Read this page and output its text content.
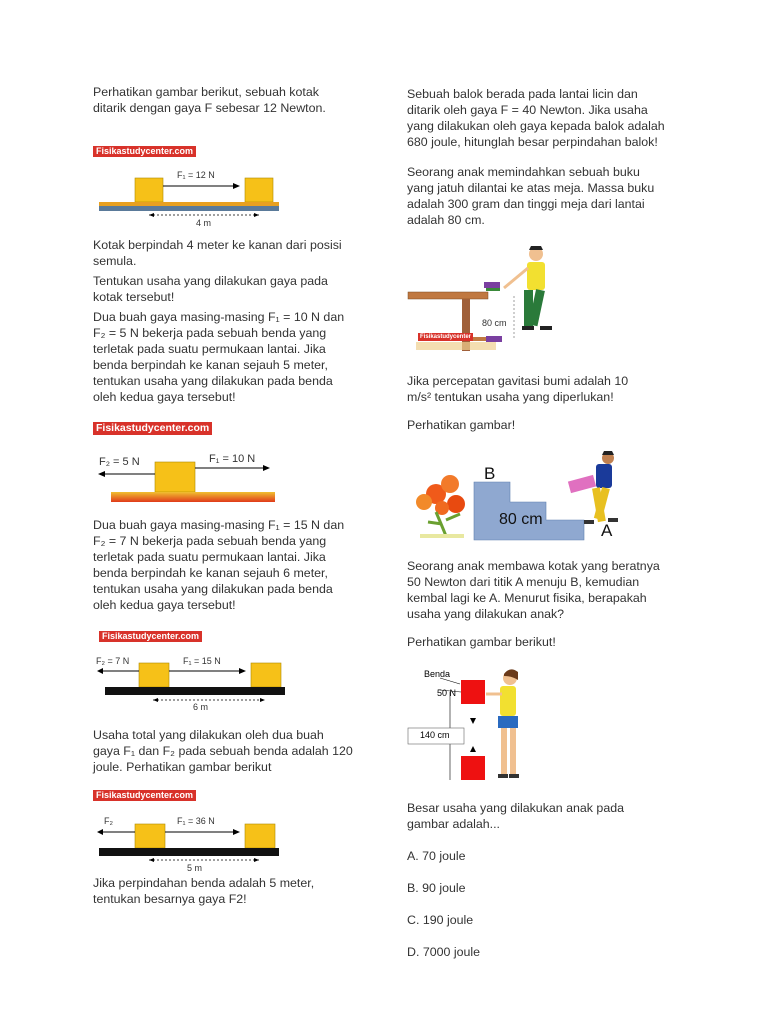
Perhatikan gambar berikut, sebuah kotak
ditarik dengan gaya F sebesar 12 Newton.

Fisikastudycenter.com
F₁ = 12 N
4 m

Kotak berpindah 4 meter ke kanan dari posisi
semula.

Tentukan usaha yang dilakukan gaya pada
kotak tersebut!

Dua buah gaya masing-masing F₁ = 10 N dan
F₂ = 5 N bekerja pada sebuah benda yang
terletak pada suatu permukaan lantai. Jika
benda berpindah ke kanan sejauh 5 meter,
tentukan usaha yang dilakukan pada benda
oleh kedua gaya tersebut!

Fisikastudycenter.com
F₂ = 5 N	F₁ = 10 N

Dua buah gaya masing-masing F₁ = 15 N dan
F₂ = 7 N bekerja pada sebuah benda yang
terletak pada suatu permukaan lantai. Jika
benda berpindah ke kanan sejauh 6 meter,
tentukan usaha yang dilakukan pada benda
oleh kedua gaya tersebut!

Fisikastudycenter.com
F₂ = 7 N	F₁ = 15 N
6 m

Usaha total yang dilakukan oleh dua buah
gaya F₁ dan F₂ pada sebuah benda adalah 120
joule. Perhatikan gambar berikut

Fisikastudycenter.com
F₂	F₁ = 36 N
5 m

Jika perpindahan benda adalah 5 meter,
tentukan besarnya gaya F2!

Sebuah balok berada pada lantai licin dan
ditarik oleh gaya F = 40 Newton. Jika usaha
yang dilakukan oleh gaya kepada balok adalah
680 joule, hitunglah besar perpindahan balok!

Seorang anak memindahkan sebuah buku
yang jatuh dilantai ke atas meja. Massa buku
adalah 300 gram dan tinggi meja dari lantai
adalah 80 cm.

80 cm
Fisikastudycenter

Jika percepatan gavitasi bumi adalah 10
m/s² tentukan usaha yang diperlukan!

Perhatikan gambar!

B
80 cm
A

Seorang anak membawa kotak yang beratnya
50 Newton dari titik A menuju B, kemudian
kembal lagi ke A. Menurut fisika, berapakah
usaha yang dilakukan anak?

Perhatikan gambar berikut!

Benda
50 N
140 cm

Besar usaha yang dilakukan anak pada
gambar adalah...

A. 70 joule

B. 90 joule

C. 190 joule

D. 7000 joule
